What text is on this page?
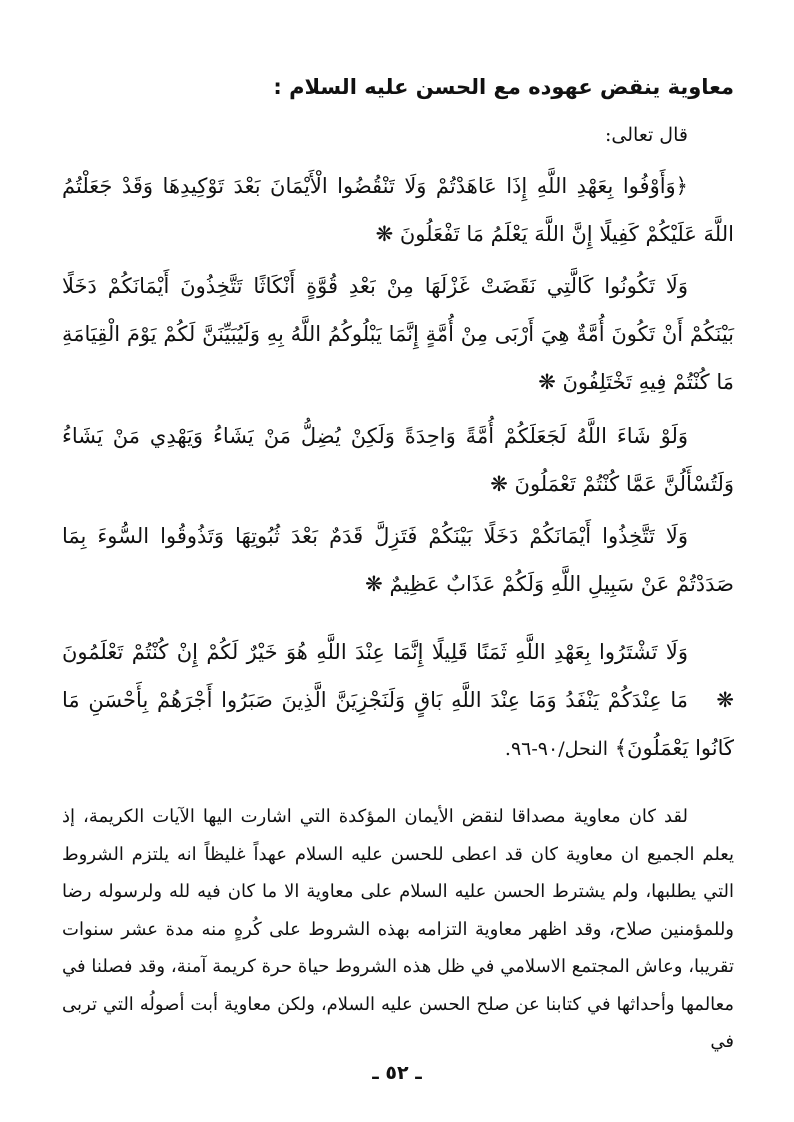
معاوية ينقض عهوده مع الحسن عليه السلام :
قال تعالى:
﴿وَأَوْفُوا بِعَهْدِ اللَّهِ إِذَا عَاهَدْتُمْ وَلَا تَنْقُضُوا الْأَيْمَانَ بَعْدَ تَوْكِيدِهَا وَقَدْ جَعَلْتُمُ اللَّهَ عَلَيْكُمْ كَفِيلًا إِنَّ اللَّهَ يَعْلَمُ مَا تَفْعَلُونَ ❋
وَلَا تَكُونُوا كَالَّتِي نَقَضَتْ غَزْلَهَا مِنْ بَعْدِ قُوَّةٍ أَنْكَاثًا تَتَّخِذُونَ أَيْمَانَكُمْ دَخَلًا بَيْنَكُمْ أَنْ تَكُونَ أُمَّةٌ هِيَ أَرْبَى مِنْ أُمَّةٍ إِنَّمَا يَبْلُوكُمُ اللَّهُ بِهِ وَلَيُبَيِّنَنَّ لَكُمْ يَوْمَ الْقِيَامَةِ مَا كُنْتُمْ فِيهِ تَخْتَلِفُونَ ❋
وَلَوْ شَاءَ اللَّهُ لَجَعَلَكُمْ أُمَّةً وَاحِدَةً وَلَكِنْ يُضِلُّ مَنْ يَشَاءُ وَيَهْدِي مَنْ يَشَاءُ وَلَتُسْأَلُنَّ عَمَّا كُنْتُمْ تَعْمَلُونَ ❋
وَلَا تَتَّخِذُوا أَيْمَانَكُمْ دَخَلًا بَيْنَكُمْ فَتَزِلَّ قَدَمٌ بَعْدَ ثُبُوتِهَا وَتَذُوقُوا السُّوءَ بِمَا صَدَدْتُمْ عَنْ سَبِيلِ اللَّهِ وَلَكُمْ عَذَابٌ عَظِيمٌ ❋
وَلَا تَشْتَرُوا بِعَهْدِ اللَّهِ ثَمَنًا قَلِيلًا إِنَّمَا عِنْدَ اللَّهِ هُوَ خَيْرٌ لَكُمْ إِنْ كُنْتُمْ تَعْلَمُونَ ❋
مَا عِنْدَكُمْ يَنْفَدُ وَمَا عِنْدَ اللَّهِ بَاقٍ وَلَنَجْزِيَنَّ الَّذِينَ صَبَرُوا أَجْرَهُمْ بِأَحْسَنِ مَا كَانُوا يَعْمَلُونَ﴾ النحل/٩٠-٩٦.
لقد كان معاوية مصداقا لنقض الأيمان المؤكدة التي اشارت اليها الآيات الكريمة، إذ يعلم الجميع ان معاوية كان قد اعطى للحسن عليه السلام عهداً غليظاً انه يلتزم الشروط التي يطلبها، ولم يشترط الحسن عليه السلام على معاوية الا ما كان فيه لله ولرسوله رضا وللمؤمنين صلاح، وقد اظهر معاوية التزامه بهذه الشروط على كُرهٍ منه مدة عشر سنوات تقريبا، وعاش المجتمع الاسلامي في ظل هذه الشروط حياة حرة كريمة آمنة، وقد فصلنا في معالمها وأحداثها في كتابنا عن صلح الحسن عليه السلام، ولكن معاوية أبت أصولُه التي تربى في
ـ ٥٢ ـ
